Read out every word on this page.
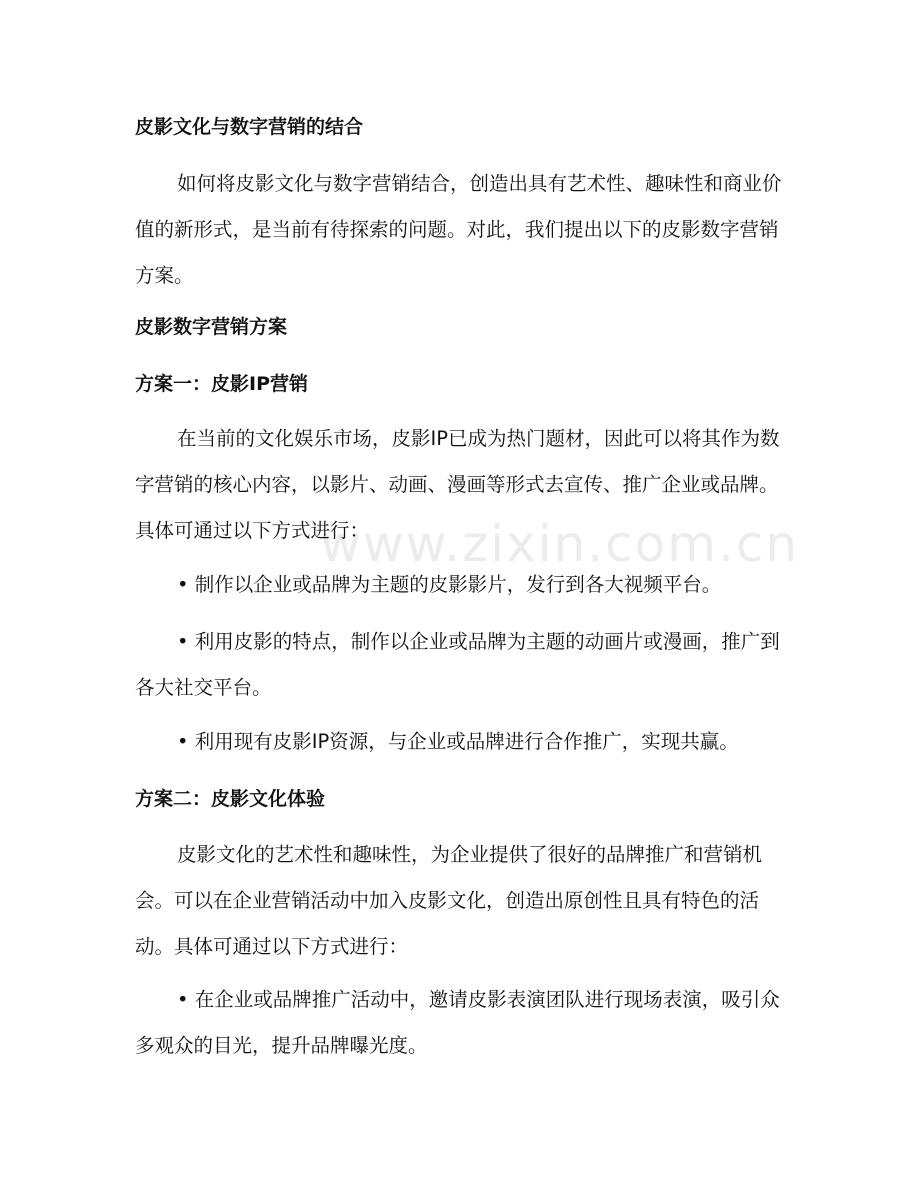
www.zixin.com.cn

皮影文化与数字营销的结合

如何将皮影文化与数字营销结合，创造出具有艺术性、趣味性和商业价值的新形式，是当前有待探索的问题。对此，我们提出以下的皮影数字营销方案。

皮影数字营销方案

方案一：皮影IP营销

在当前的文化娱乐市场，皮影IP已成为热门题材，因此可以将其作为数字营销的核心内容，以影片、动画、漫画等形式去宣传、推广企业或品牌。具体可通过以下方式进行：

• 制作以企业或品牌为主题的皮影影片，发行到各大视频平台。

• 利用皮影的特点，制作以企业或品牌为主题的动画片或漫画，推广到各大社交平台。

• 利用现有皮影IP资源，与企业或品牌进行合作推广，实现共赢。

方案二：皮影文化体验

皮影文化的艺术性和趣味性，为企业提供了很好的品牌推广和营销机会。可以在企业营销活动中加入皮影文化，创造出原创性且具有特色的活动。具体可通过以下方式进行：

• 在企业或品牌推广活动中，邀请皮影表演团队进行现场表演，吸引众多观众的目光，提升品牌曝光度。
